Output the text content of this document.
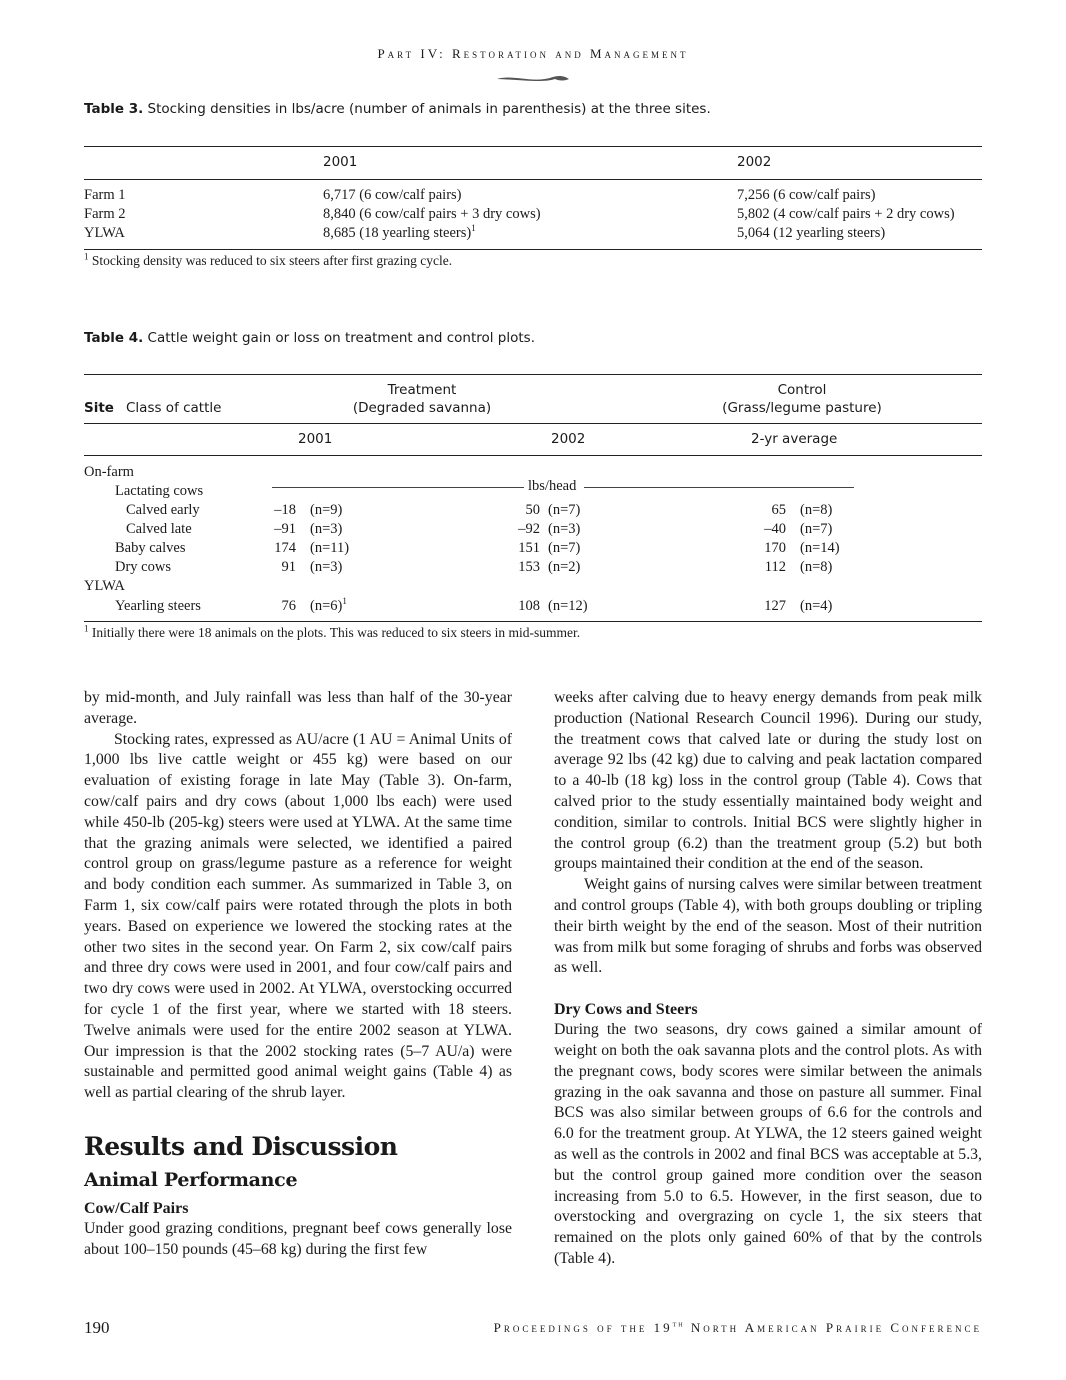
Part IV: Restoration and Management
Table 3. Stocking densities in lbs/acre (number of animals in parenthesis) at the three sites.
2001	2002
Farm 1	6,717 (6 cow/calf pairs)	7,256 (6 cow/calf pairs)
Farm 2	8,840 (6 cow/calf pairs + 3 dry cows)	5,802 (4 cow/calf pairs + 2 dry cows)
YLWA	8,685 (18 yearling steers)$^1$	5,064 (12 yearling steers)
$^1$ Stocking density was reduced to six steers after first grazing cycle.
Table 4. Cattle weight gain or loss on treatment and control plots.
Treatment
(Degraded savanna)
Control
(Grass/legume pasture)
Site Class of cattle
2001	2002	2-yr average
On-farm
Lactating cows	lbs/head
Calved early	–18 (n=9)	50 (n=7)	65 (n=8)
Calved late	–91 (n=3)	–92 (n=3)	–40 (n=7)
Baby calves	174 (n=11)	151 (n=7)	170 (n=14)
Dry cows	91 (n=3)	153 (n=2)	112 (n=8)
YLWA
Yearling steers	76 (n=6)$^1$	108 (n=12)	127 (n=4)
$^1$ Initially there were 18 animals on the plots. This was reduced to six steers in mid-summer.

by mid-month, and July rainfall was less than half of the 30-year average.

Stocking rates, expressed as AU/acre (1 AU = Animal Units of 1,000 lbs live cattle weight or 455 kg) were based on our evaluation of existing forage in late May (Table 3). On-farm, cow/calf pairs and dry cows (about 1,000 lbs each) were used while 450-lb (205-kg) steers were used at YLWA. At the same time that the grazing animals were selected, we identified a paired control group on grass/legume pasture as a reference for weight and body condition each summer. As summarized in Table 3, on Farm 1, six cow/calf pairs were rotated through the plots in both years. Based on experience we lowered the stocking rates at the other two sites in the second year. On Farm 2, six cow/calf pairs and three dry cows were used in 2001, and four cow/calf pairs and two dry cows were used in 2002. At YLWA, overstocking occurred for cycle 1 of the first year, where we started with 18 steers. Twelve animals were used for the entire 2002 season at YLWA. Our impression is that the 2002 stocking rates (5–7 AU/a) were sustainable and permitted good animal weight gains (Table 4) as well as partial clearing of the shrub layer.

Results and Discussion
Animal Performance
Cow/Calf Pairs

Under good grazing conditions, pregnant beef cows generally lose about 100–150 pounds (45–68 kg) during the first few

weeks after calving due to heavy energy demands from peak milk production (National Research Council 1996). During our study, the treatment cows that calved late or during the study lost on average 92 lbs (42 kg) due to calving and peak lactation compared to a 40-lb (18 kg) loss in the control group (Table 4). Cows that calved prior to the study essentially maintained body weight and condition, similar to controls. Initial BCS were slightly higher in the control group (6.2) than the treatment group (5.2) but both groups maintained their condition at the end of the season.

Weight gains of nursing calves were similar between treatment and control groups (Table 4), with both groups doubling or tripling their birth weight by the end of the season. Most of their nutrition was from milk but some foraging of shrubs and forbs was observed as well.

Dry Cows and Steers

During the two seasons, dry cows gained a similar amount of weight on both the oak savanna plots and the control plots. As with the pregnant cows, body scores were similar between the animals grazing in the oak savanna and those on pasture all summer. Final BCS was also similar between groups of 6.6 for the controls and 6.0 for the treatment group. At YLWA, the 12 steers gained weight as well as the controls in 2002 and final BCS was acceptable at 5.3, but the control group gained more condition over the season increasing from 5.0 to 6.5. However, in the first season, due to overstocking and overgrazing on cycle 1, the six steers that remained on the plots only gained 60% of that by the controls (Table 4).

190	Proceedings of the 19th North American Prairie Conference
